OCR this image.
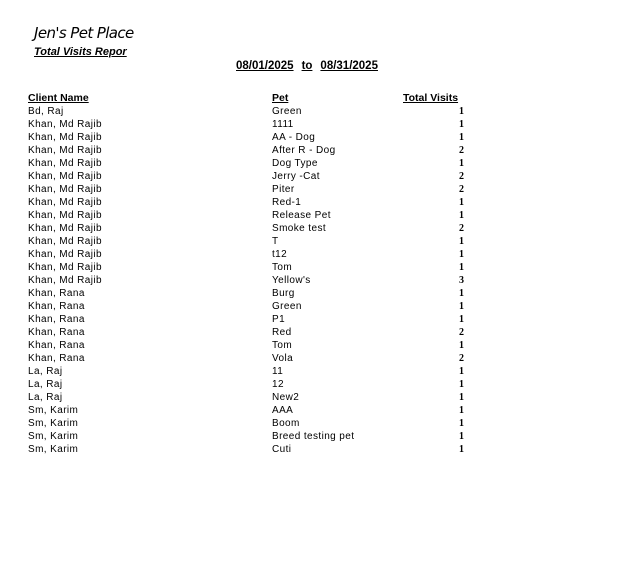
Jen's Pet Place
Total Visits Repor
08/01/2025 to 08/31/2025
Client Name	Pet	Total Visits
Bd, Raj	Green	1
Khan, Md Rajib	1111	1
Khan, Md Rajib	AA - Dog	1
Khan, Md Rajib	After R - Dog	2
Khan, Md Rajib	Dog Type	1
Khan, Md Rajib	Jerry -Cat	2
Khan, Md Rajib	Piter	2
Khan, Md Rajib	Red-1	1
Khan, Md Rajib	Release Pet	1
Khan, Md Rajib	Smoke test	2
Khan, Md Rajib	T	1
Khan, Md Rajib	t12	1
Khan, Md Rajib	Tom	1
Khan, Md Rajib	Yellow's	3
Khan, Rana	Burg	1
Khan, Rana	Green	1
Khan, Rana	P1	1
Khan, Rana	Red	2
Khan, Rana	Tom	1
Khan, Rana	Vola	2
La, Raj	11	1
La, Raj	12	1
La, Raj	New2	1
Sm, Karim	AAA	1
Sm, Karim	Boom	1
Sm, Karim	Breed testing pet	1
Sm, Karim	Cuti	1
